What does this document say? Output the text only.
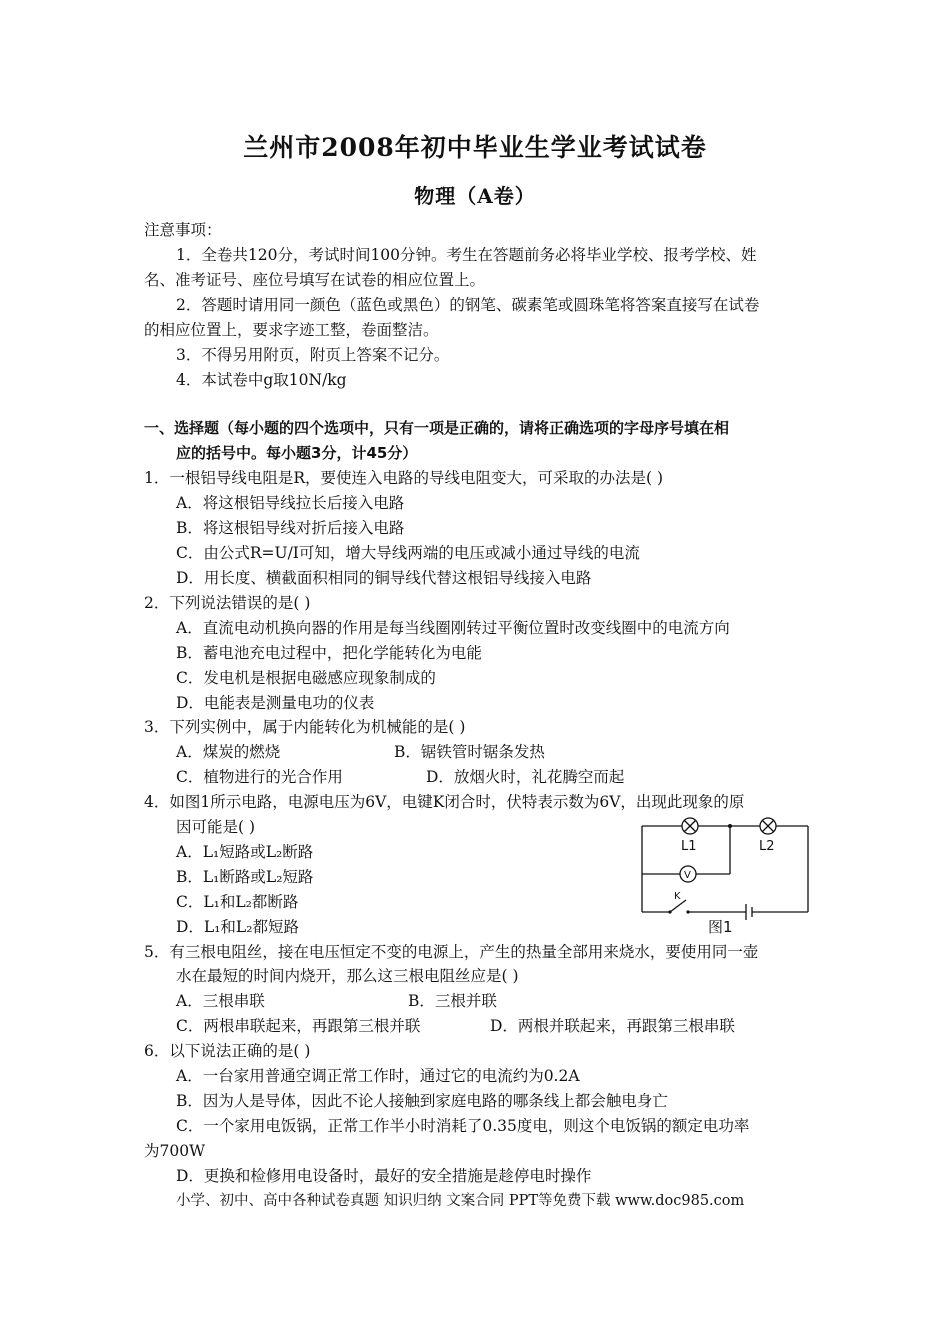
兰州市2008年初中毕业生学业考试试卷
物理（A卷）
注意事项：
1．全卷共120分，考试时间100分钟。考生在答题前务必将毕业学校、报考学校、姓
名、准考证号、座位号填写在试卷的相应位置上。
2．答题时请用同一颜色（蓝色或黑色）的钢笔、碳素笔或圆珠笔将答案直接写在试卷
的相应位置上，要求字迹工整，卷面整洁。
3．不得另用附页，附页上答案不记分。
4．本试卷中g取10N/kg
一、选择题（每小题的四个选项中，只有一项是正确的，请将正确选项的字母序号填在相
应的括号中。每小题3分，计45分）
1．一根铝导线电阻是R，要使连入电路的导线电阻变大，可采取的办法是( )
A．将这根铝导线拉长后接入电路
B．将这根铝导线对折后接入电路
C．由公式R=U/I可知，增大导线两端的电压或减小通过导线的电流
D．用长度、横截面积相同的铜导线代替这根铝导线接入电路
2．下列说法错误的是( )
A．直流电动机换向器的作用是每当线圈刚转过平衡位置时改变线圈中的电流方向
B．蓄电池充电过程中，把化学能转化为电能
C．发电机是根据电磁感应现象制成的
D．电能表是测量电功的仪表
3．下列实例中，属于内能转化为机械能的是( )
A．煤炭的燃烧	B．锯铁管时锯条发热
C．植物进行的光合作用	D．放烟火时，礼花腾空而起
4．如图1所示电路，电源电压为6V，电键K闭合时，伏特表示数为6V，出现此现象的原
因可能是( )
A．L₁短路或L₂断路
B．L₁断路或L₂短路
C．L₁和L₂都断路
D．L₁和L₂都短路
L1	L2
V
K
图1
5．有三根电阻丝，接在电压恒定不变的电源上，产生的热量全部用来烧水，要使用同一壶
水在最短的时间内烧开，那么这三根电阻丝应是( )
A．三根串联	B．三根并联
C．两根串联起来，再跟第三根并联	D．两根并联起来，再跟第三根串联
6．以下说法正确的是( )
A．一台家用普通空调正常工作时，通过它的电流约为0.2A
B．因为人是导体，因此不论人接触到家庭电路的哪条线上都会触电身亡
C．一个家用电饭锅，正常工作半小时消耗了0.35度电，则这个电饭锅的额定电功率
为700W
D．更换和检修用电设备时，最好的安全措施是趁停电时操作
小学、初中、高中各种试卷真题 知识归纳 文案合同 PPT等免费下载 www.doc985.com
